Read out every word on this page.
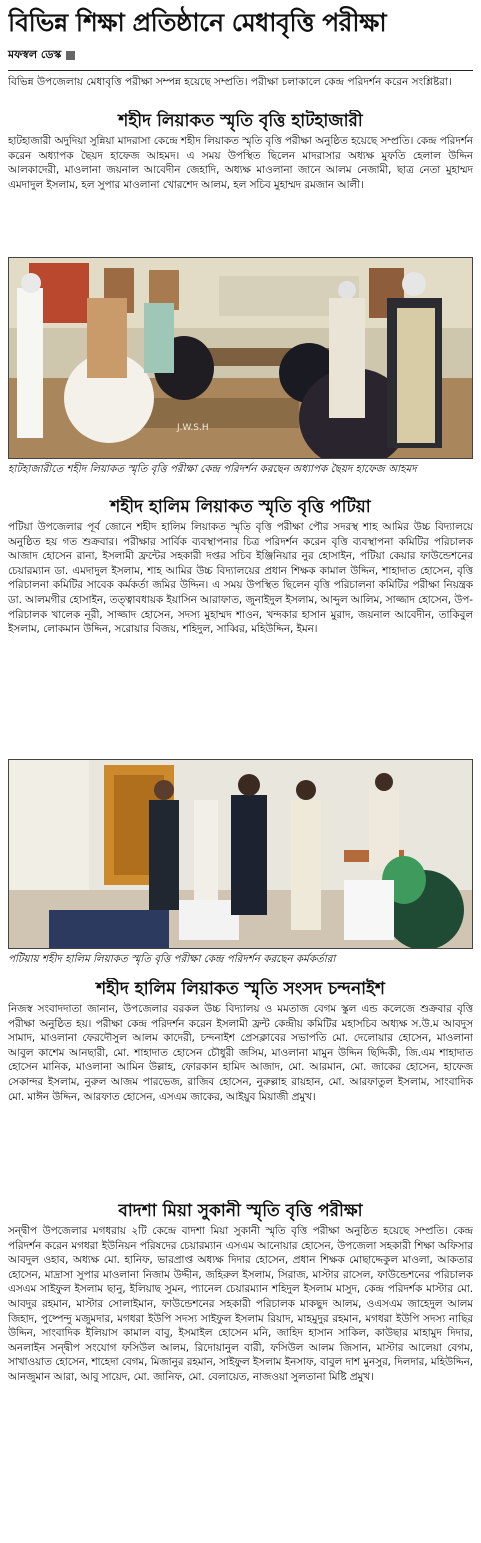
বিভিন্ন শিক্ষা প্রতিষ্ঠানে মেধাবৃত্তি পরীক্ষা
মফস্বল ডেস্ক

বিভিন্ন উপজেলায় মেধাবৃত্তি পরীক্ষা সম্পন্ন হয়েছে সম্প্রতি। পরীক্ষা চলাকালে কেন্দ্র পরিদর্শন করেন সংশ্লিষ্টরা।

শহীদ লিয়াকত স্মৃতি বৃত্তি হাটহাজারী

হাটহাজারী অদুদিয়া সুন্নিয়া মাদরাসা কেন্দ্রে শহীদ লিয়াকত স্মৃতি বৃত্তি পরীক্ষা অনুষ্ঠিত হয়েছে সম্প্রতি। কেন্দ্র পরিদর্শন করেন অধ্যাপক ছৈয়দ হাফেজ আহমদ। এ সময় উপস্থিত ছিলেন মাদরাসার অধ্যক্ষ মুফতি হেলাল উদ্দিন আলকাদেরী, মাওলানা জয়নাল আবেদীন জেহাদি, অধ্যক্ষ মাওলানা জানে আলম নেজামী, ছাত্র নেতা মুহাম্মদ এমদাদুল ইসলাম, হল সুপার মাওলানা খোরশেদ আলম, হল সচিব মুহাম্মদ রমজান আলী।

J.W.S.H

হাটহাজারীতে শহীদ লিয়াকত স্মৃতি বৃত্তি পরীক্ষা কেন্দ্র পরিদর্শন করছেন অধ্যাপক ছৈয়দ হাফেজ আহমদ

শহীদ হালিম লিয়াকত স্মৃতি বৃত্তি পটিয়া

পটিয়া উপজেলার পূর্ব জোনে শহীদ হালিম লিয়াকত স্মৃতি বৃত্তি পরীক্ষা পৌর সদরস্থ শাহ আমির উচ্চ বিদ্যালয়ে অনুষ্ঠিত হয় গত শুক্রবার। পরীক্ষার সার্বিক ব্যবস্থাপনার চিত্র পরিদর্শন করেন বৃত্তি ব্যবস্থাপনা কমিটির পরিচালক আজাদ হোসেন রানা, ইসলামী ফ্রন্টের সহকারী দপ্তর সচিব ইঞ্জিনিয়ার নুর হোসাইন, পটিয়া কেয়ার ফাউন্ডেশনের চেয়ারম্যান ডা. এমদাদুল ইসলাম, শাহ আমির উচ্চ বিদ্যালয়ের প্রধান শিক্ষক কামাল উদ্দিন, শাহাদাত হোসেন, বৃত্তি পরিচালনা কমিটির সাবেক কর্মকর্তা জমির উদ্দিন। এ সময় উপস্থিত ছিলেন বৃত্তি পরিচালনা কমিটির পরীক্ষা নিয়ন্ত্রক ডা. আলমগীর হোসাইন, তত্ত্বাবধায়ক ইয়াসিন আরাফাত, জুনাইদুল ইসলাম, আব্দুল আলিম, সাজ্জাদ হোসেন, উপ-পরিচালক খালেক নূরী, সাজ্জাদ হোসেন, সদস্য মুহাম্মদ শাওন, খন্দকার হাসান মুরাদ, জয়নাল আবেদীন, তাকিবুল ইসলাম, লোকমান উদ্দিন, সরোয়ার বিজয়, শহিদুল, সাব্বির, মহিউদ্দিন, ইমন।

পটিয়ায় শহীদ হালিম লিয়াকত স্মৃতি বৃত্তি পরীক্ষা কেন্দ্র পরিদর্শন করছেন কর্মকর্তারা

শহীদ হালিম লিয়াকত স্মৃতি সংসদ চন্দনাইশ

নিজস্ব সংবাদদাতা জানান, উপজেলার বরকল উচ্চ বিদ্যালয় ও মমতাজ বেগম স্কুল এন্ড কলেজে শুক্রবার বৃত্তি পরীক্ষা অনুষ্ঠিত হয়। পরীক্ষা কেন্দ্র পরিদর্শন করেন ইসলামী ফ্রন্ট কেন্দ্রীয় কমিটির মহাসচিব অধ্যক্ষ স.উ.ম আবদুস সামাদ, মাওলানা ফেরদৌসুল আলম কাদেরী, চন্দনাইশ প্রেসক্লাবের সভাপতি মো. দেলোয়ার হোসেন, মাওলানা আবুল কাশেম আনছারী, মো. শাহাদাত হোসেন চৌধুরী জসিম, মাওলানা মামুন উদ্দিন ছিদ্দিকী, জি.এম শাহাদাত হোসেন মানিক, মাওলানা আমিন উল্লাহ, ফোরকান হামিদ আজাদ, মো. আরমান, মো. জাকের হোসেন, হাফেজ সেকান্দর ইসলাম, নুরুল আজম পারভেজ, রাজিব হোসেন, নুরুল্লাহ রায়হান, মো. আরফাতুল ইসলাম, সাংবাদিক মো. মাঈন উদ্দিন, আরফাত হোসেন, এসএম জাকের, আইয়ুব মিয়াজী প্রমুখ।

বাদশা মিয়া সুকানী স্মৃতি বৃত্তি পরীক্ষা

সন্দ্বীপ উপজেলার মগধরায় ২টি কেন্দ্রে বাদশা মিয়া সুকানী স্মৃতি বৃত্তি পরীক্ষা অনুষ্ঠিত হয়েছে সম্প্রতি। কেন্দ্র পরিদর্শন করেন মগধরা ইউনিয়ন পরিষদের চেয়ারম্যান এসএম আনোয়ার হোসেন, উপজেলা সহকারী শিক্ষা অফিসার আবদুল ওহাব, অধ্যক্ষ মো. হানিফ, ভারপ্রাপ্ত অধ্যক্ষ দিদার হোসেন, প্রধান শিক্ষক মোছাদ্দেকুল মাওলা, আকতার হোসেন, মাদ্রাসা সুপার মাওলানা নিজাম উদ্দীন, জহিরুল ইসলাম, সিরাজ, মাস্টার রাসেল, ফাউন্ডেশনের পরিচালক এসএম সাইফুল ইসলাম ছানু, ইলিয়াছ সুমন, প্যানেল চেয়ারম্যান শহিদুল ইসলাম মাসুদ, কেন্দ্র পরিদর্শক মাস্টার মো. আবদুর রহমান, মাস্টার সোলাইমান, ফাউন্ডেশনের সহকারী পরিচালক মাকছুদ আলম, ওএসএম জাহেদুল আলম জিহাদ, পুষ্পেন্দু মজুমদার, মগধরা ইউপি সদস্য সাইফুল ইসলাম রিয়াদ, মাহমুদুর রহমান, মগধরা ইউপি সদস্য নাছির উদ্দিন, সাংবাদিক ইলিয়াস কামাল বাবু, ইসমাইল হোসেন মনি, জাহিদ হাসান সাকিল, কাউছার মাহামুদ দিদার, অনলাইন সন্দ্বীপ সংযোগ ফসিউল আলম, রিদোয়ানুল বারী, ফসিউল আলম জিসান, মাস্টার আলেয়া বেগম, সাখাওয়াত হোসেন, শাহেদা বেগম, মিজানুর রহমান, সাইফুল ইসলাম ইনসাফ, বাবুল দাশ মুনসুর, দিলদার, মহিউদ্দিন, আনজুমান আরা, আবু সায়েদ, মো. জানিফ, মো. বেলায়েত, নাজওয়া সুলতানা মিষ্টি প্রমুখ।
